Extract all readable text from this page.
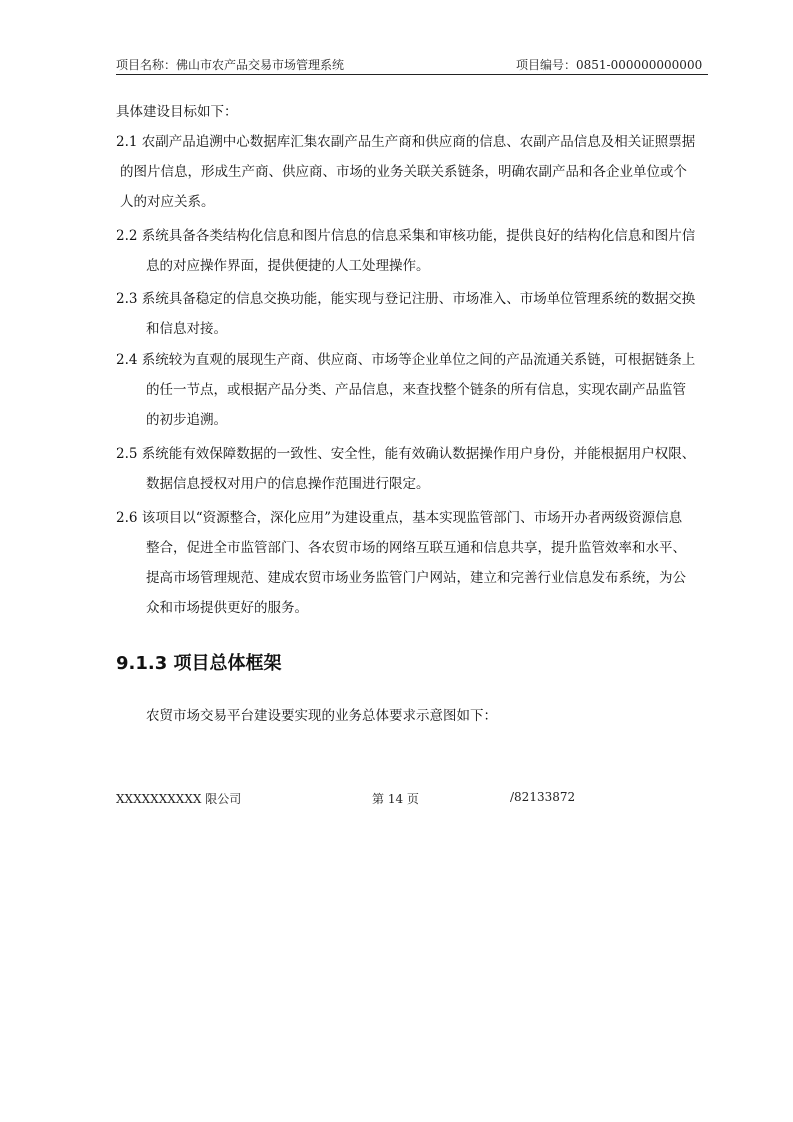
项目名称：佛山市农产品交易市场管理系统	项目编号：0851-000000000000
具体建设目标如下：
2.1 农副产品追溯中心数据库汇集农副产品生产商和供应商的信息、农副产品信息及相关证照票据
的图片信息，形成生产商、供应商、市场的业务关联关系链条，明确农副产品和各企业单位或个
人的对应关系。
2.2 系统具备各类结构化信息和图片信息的信息采集和审核功能，提供良好的结构化信息和图片信
息的对应操作界面，提供便捷的人工处理操作。
2.3 系统具备稳定的信息交换功能，能实现与登记注册、市场准入、市场单位管理系统的数据交换
和信息对接。
2.4 系统较为直观的展现生产商、供应商、市场等企业单位之间的产品流通关系链，可根据链条上
的任一节点，或根据产品分类、产品信息，来查找整个链条的所有信息，实现农副产品监管
的初步追溯。
2.5 系统能有效保障数据的一致性、安全性，能有效确认数据操作用户身份，并能根据用户权限、
数据信息授权对用户的信息操作范围进行限定。
2.6 该项目以“资源整合，深化应用”为建设重点，基本实现监管部门、市场开办者两级资源信息
整合，促进全市监管部门、各农贸市场的网络互联互通和信息共享，提升监管效率和水平、
提高市场管理规范、建成农贸市场业务监管门户网站，建立和完善行业信息发布系统，为公
众和市场提供更好的服务。
9.1.3 项目总体框架
农贸市场交易平台建设要实现的业务总体要求示意图如下：
XXXXXXXXXX 限公司	第 14 页	/82133872
